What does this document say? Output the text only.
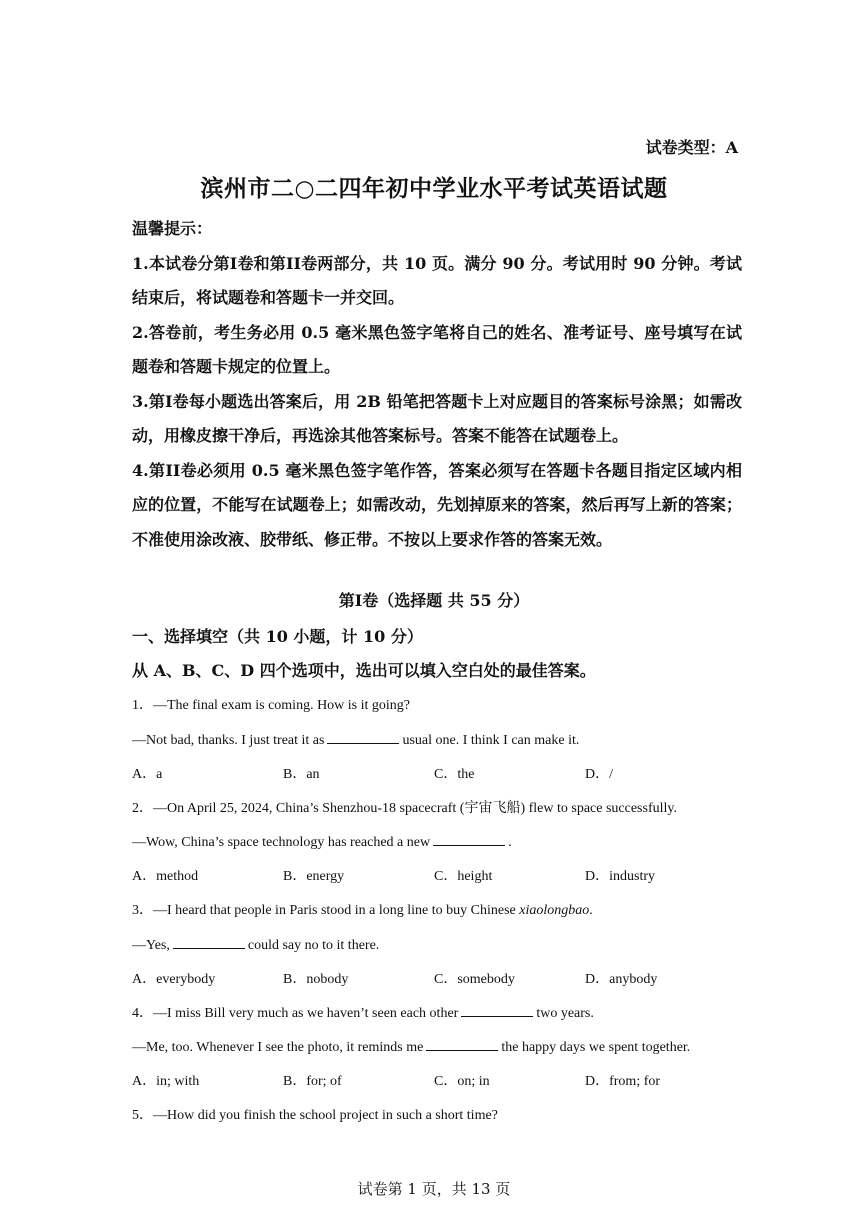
试卷类型：A
滨州市二○二四年初中学业水平考试英语试题
温馨提示：
1.本试卷分第I卷和第II卷两部分，共 10 页。满分 90 分。考试用时 90 分钟。考试结束后，将试题卷和答题卡一并交回。
2.答卷前，考生务必用 0.5 毫米黑色签字笔将自己的姓名、准考证号、座号填写在试题卷和答题卡规定的位置上。
3.第I卷每小题选出答案后，用 2B 铅笔把答题卡上对应题目的答案标号涂黑；如需改动，用橡皮擦干净后，再选涂其他答案标号。答案不能答在试题卷上。
4.第II卷必须用 0.5 毫米黑色签字笔作答，答案必须写在答题卡各题目指定区域内相应的位置，不能写在试题卷上；如需改动，先划掉原来的答案，然后再写上新的答案；不准使用涂改液、胶带纸、修正带。不按以上要求作答的答案无效。
第I卷（选择题 共 55 分）
一、选择填空（共 10 小题，计 10 分）
从 A、B、C、D 四个选项中，选出可以填入空白处的最佳答案。
1．—The final exam is coming. How is it going?
—Not bad, thanks. I just treat it as	usual one. I think I can make it.
A．a	B．an	C．the	D．/
2．—On April 25, 2024, China’s Shenzhou-18 spacecraft (宇宙飞船) flew to space successfully.
—Wow, China’s space technology has reached a new	.
A．method	B．energy	C．height	D．industry
3．—I heard that people in Paris stood in a long line to buy Chinese xiaolongbao.
—Yes,	could say no to it there.
A．everybody	B．nobody	C．somebody	D．anybody
4．—I miss Bill very much as we haven’t seen each other	two years.
—Me, too. Whenever I see the photo, it reminds me	the happy days we spent together.
A．in; with	B．for; of	C．on; in	D．from; for
5．—How did you finish the school project in such a short time?
试卷第 1 页，共 13 页
